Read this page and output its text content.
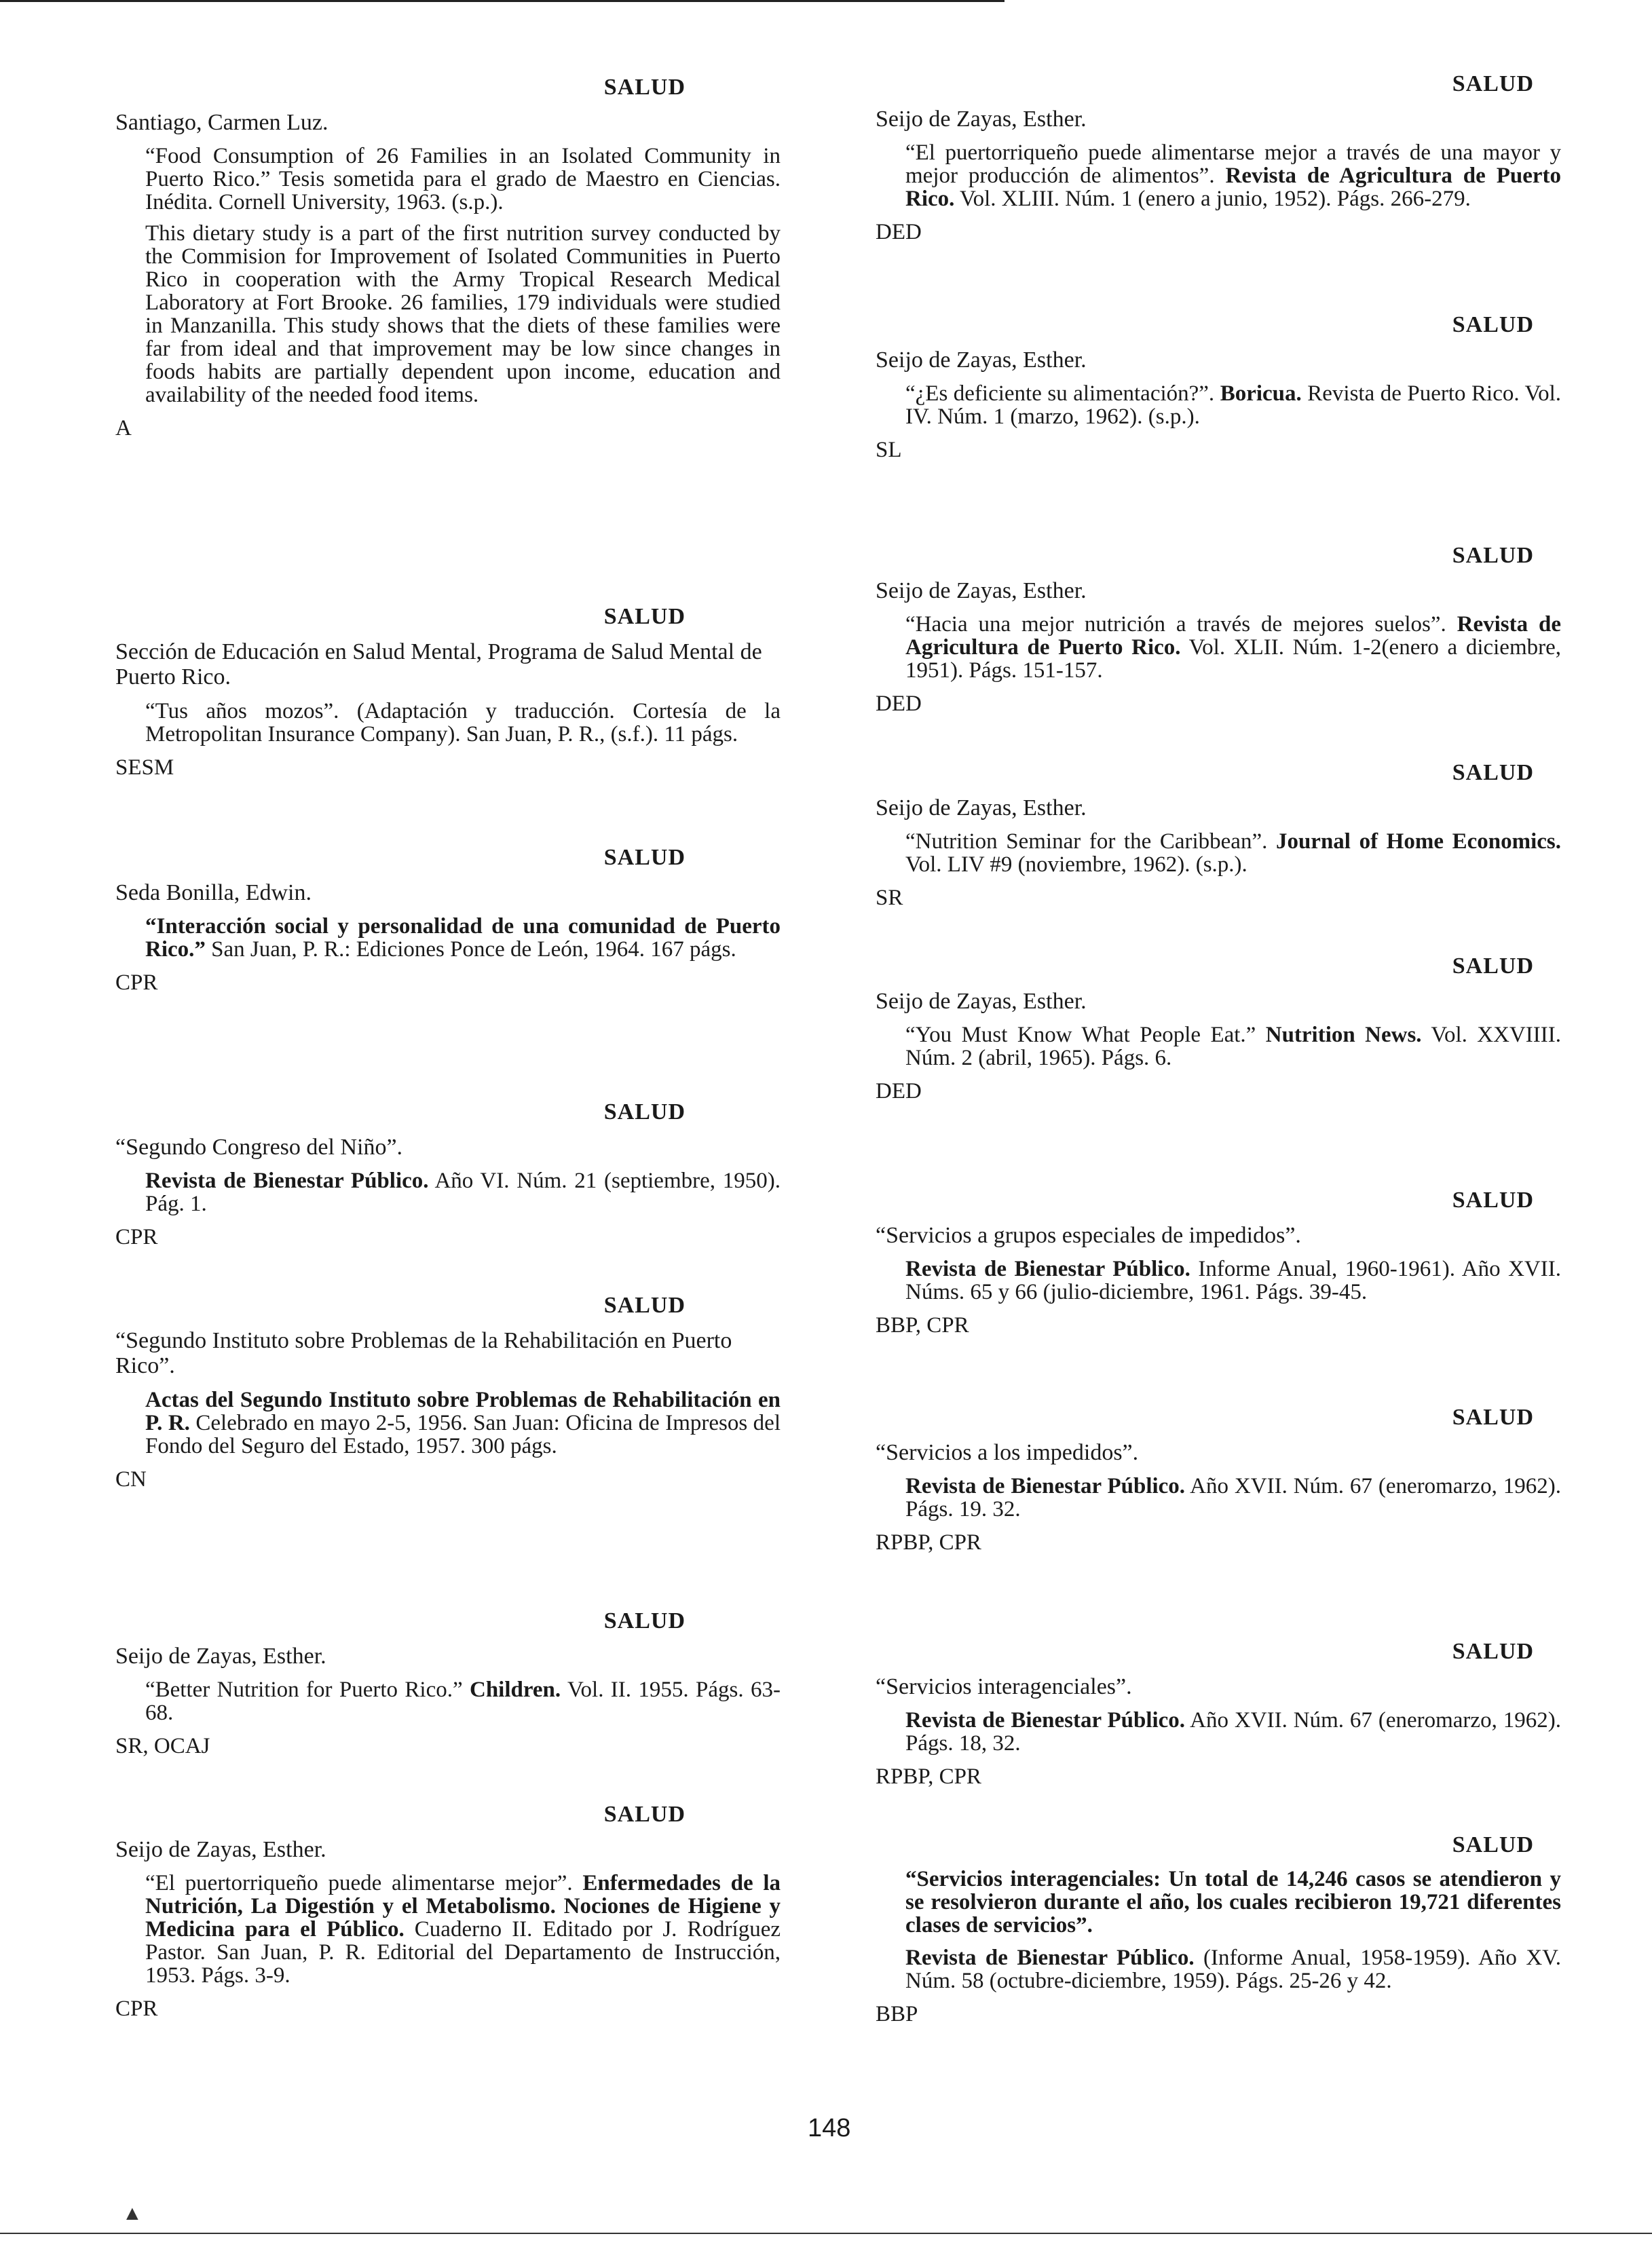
SALUD
Santiago, Carmen Luz.
“Food Consumption of 26 Families in an Isolated Community in Puerto Rico.” Tesis sometida para el grado de Maestro en Ciencias. Inédita. Cornell University, 1963. (s.p.).
This dietary study is a part of the first nutrition survey conducted by the Commision for Improvement of Isolated Communities in Puerto Rico in cooperation with the Army Tropical Research Medical Laboratory at Fort Brooke. 26 families, 179 individuals were studied in Manzanilla. This study shows that the diets of these families were far from ideal and that improvement may be low since changes in foods habits are partially dependent upon income, education and availability of the needed food items.
A
SALUD
Sección de Educación en Salud Mental, Programa de Salud Mental de Puerto Rico.
“Tus años mozos”. (Adaptación y traducción. Cortesía de la Metropolitan Insurance Company). San Juan, P. R., (s.f.). 11 págs.
SESM
SALUD
Seda Bonilla, Edwin.
“Interacción social y personalidad de una comunidad de Puerto Rico.” San Juan, P. R.: Ediciones Ponce de León, 1964. 167 págs.
CPR
SALUD
“Segundo Congreso del Niño”.
Revista de Bienestar Público. Año VI. Núm. 21 (septiembre, 1950). Pág. 1.
CPR
SALUD
“Segundo Instituto sobre Problemas de la Rehabilitación en Puerto Rico”.
Actas del Segundo Instituto sobre Problemas de Rehabilitación en P. R. Celebrado en mayo 2-5, 1956. San Juan: Oficina de Impresos del Fondo del Seguro del Estado, 1957. 300 págs.
CN
SALUD
Seijo de Zayas, Esther.
“Better Nutrition for Puerto Rico.” Children. Vol. II. 1955. Págs. 63-68.
SR, OCAJ
SALUD
Seijo de Zayas, Esther.
“El puertorriqueño puede alimentarse mejor”. Enfermedades de la Nutrición, La Digestión y el Metabolismo. Nociones de Higiene y Medicina para el Público. Cuaderno II. Editado por J. Rodríguez Pastor. San Juan, P. R. Editorial del Departamento de Instrucción, 1953. Págs. 3-9.
CPR
SALUD
Seijo de Zayas, Esther.
“El puertorriqueño puede alimentarse mejor a través de una mayor y mejor producción de alimentos”. Revista de Agricultura de Puerto Rico. Vol. XLIII. Núm. 1 (enero a junio, 1952). Págs. 266-279.
DED
SALUD
Seijo de Zayas, Esther.
“¿Es deficiente su alimentación?”. Boricua. Revista de Puerto Rico. Vol. IV. Núm. 1 (marzo, 1962). (s.p.).
SL
SALUD
Seijo de Zayas, Esther.
“Hacia una mejor nutrición a través de mejores suelos”. Revista de Agricultura de Puerto Rico. Vol. XLII. Núm. 1-2(enero a diciembre, 1951). Págs. 151-157.
DED
SALUD
Seijo de Zayas, Esther.
“Nutrition Seminar for the Caribbean”. Journal of Home Economics. Vol. LIV #9 (noviembre, 1962). (s.p.).
SR
SALUD
Seijo de Zayas, Esther.
“You Must Know What People Eat.” Nutrition News. Vol. XXVIIII. Núm. 2 (abril, 1965). Págs. 6.
DED
SALUD
“Servicios a grupos especiales de impedidos”.
Revista de Bienestar Público. Informe Anual, 1960-1961). Año XVII. Núms. 65 y 66 (julio-diciembre, 1961. Págs. 39-45.
BBP, CPR
SALUD
“Servicios a los impedidos”.
Revista de Bienestar Público. Año XVII. Núm. 67 (eneromarzo, 1962). Págs. 19. 32.
RPBP, CPR
SALUD
“Servicios interagenciales”.
Revista de Bienestar Público. Año XVII. Núm. 67 (eneromarzo, 1962). Págs. 18, 32.
RPBP, CPR
SALUD
“Servicios interagenciales: Un total de 14,246 casos se atendieron y se resolvieron durante el año, los cuales recibieron 19,721 diferentes clases de servicios”.
Revista de Bienestar Público. (Informe Anual, 1958-1959). Año XV. Núm. 58 (octubre-diciembre, 1959). Págs. 25-26 y 42.
BBP
148
▲
